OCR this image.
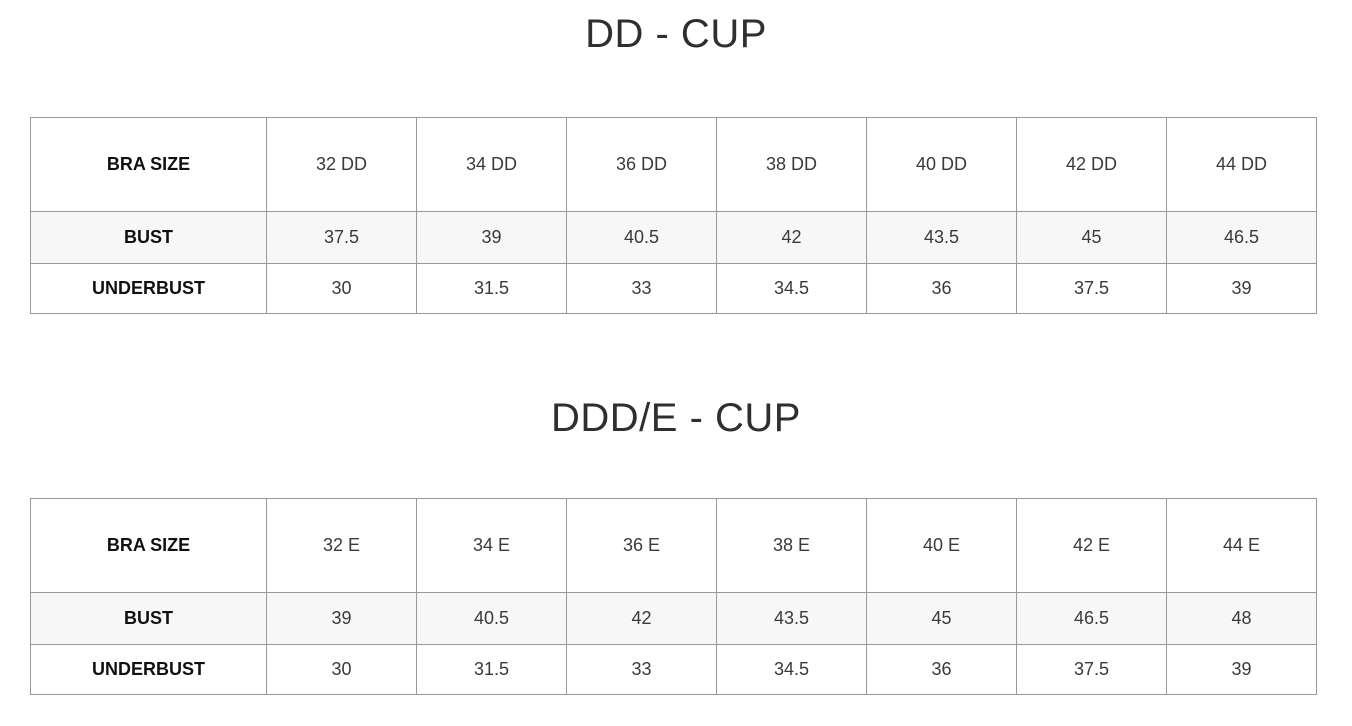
DD - CUP
BRA SIZE	32 DD	34 DD	36 DD	38 DD	40 DD	42 DD	44 DD
BUST	37.5	39	40.5	42	43.5	45	46.5
UNDERBUST	30	31.5	33	34.5	36	37.5	39
DDD/E - CUP
BRA SIZE	32 E	34 E	36 E	38 E	40 E	42 E	44 E
BUST	39	40.5	42	43.5	45	46.5	48
UNDERBUST	30	31.5	33	34.5	36	37.5	39
